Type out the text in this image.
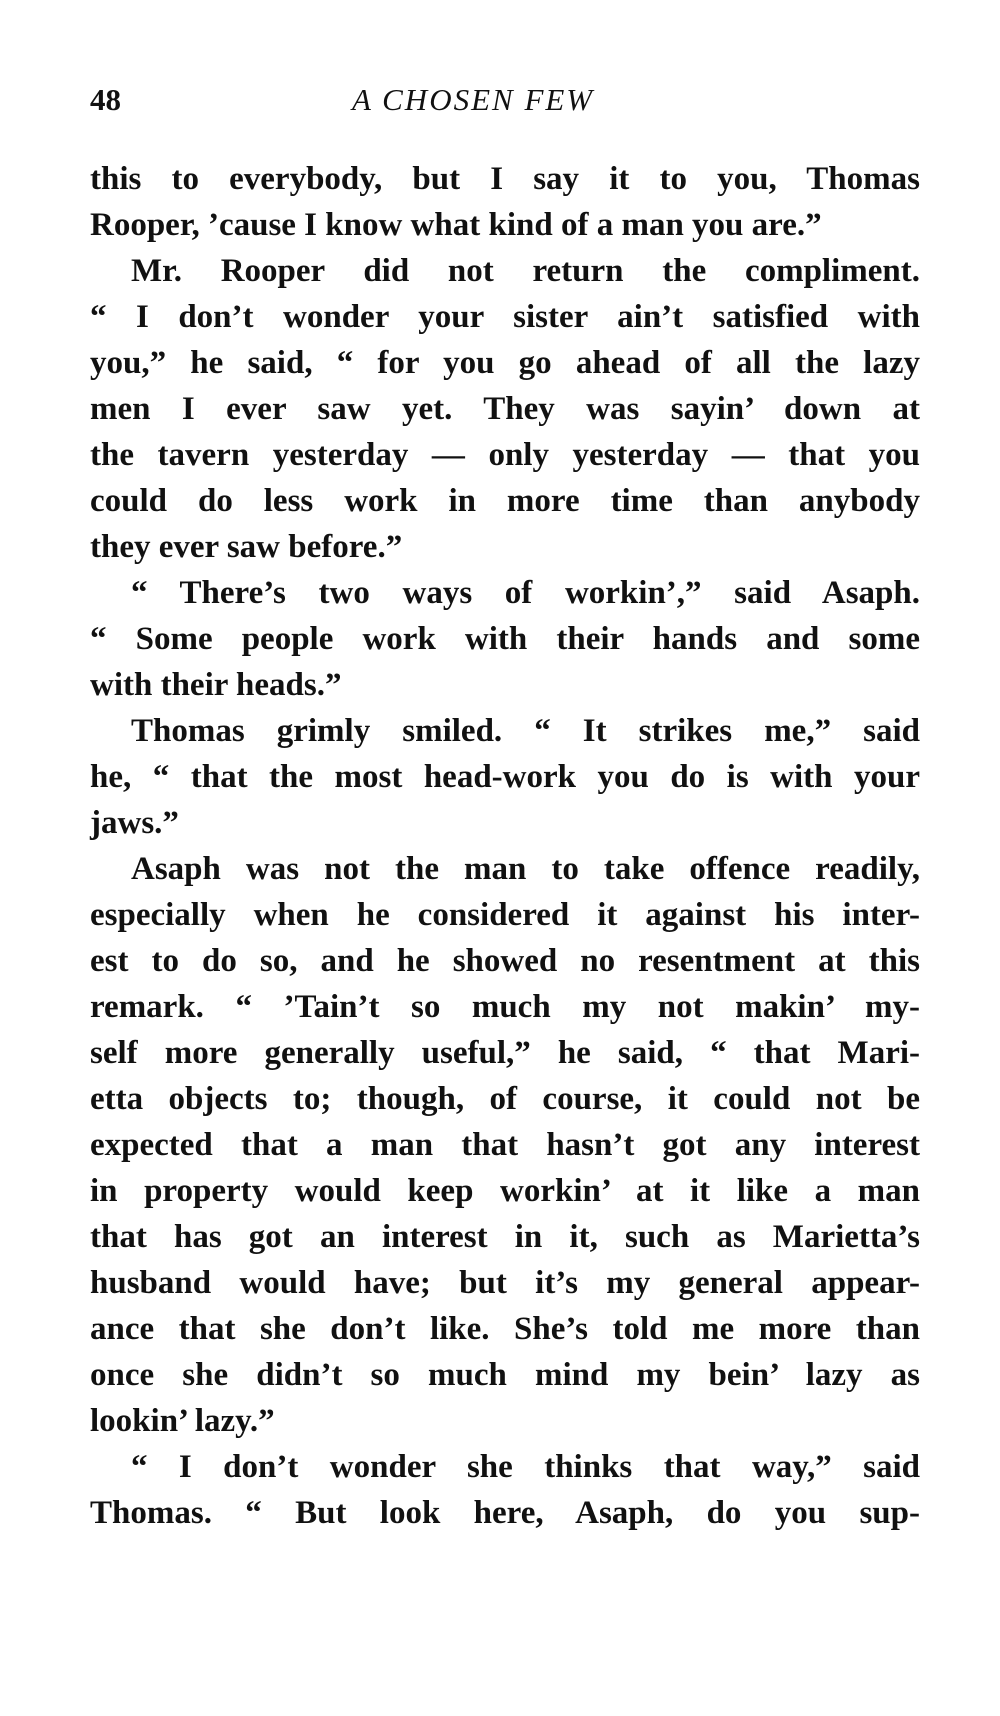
48	A CHOSEN FEW
this to everybody, but I say it to you, Thomas
Rooper, ’cause I know what kind of a man you are.”
Mr. Rooper did not return the compliment.
“ I don’t wonder your sister ain’t satisfied with
you,” he said, “ for you go ahead of all the lazy
men I ever saw yet. They was sayin’ down at
the tavern yesterday — only yesterday — that you
could do less work in more time than anybody
they ever saw before.”
“ There’s two ways of workin’,” said Asaph.
“ Some people work with their hands and some
with their heads.”
Thomas grimly smiled. “ It strikes me,” said
he, “ that the most head-work you do is with your
jaws.”
Asaph was not the man to take offence readily,
especially when he considered it against his inter-
est to do so, and he showed no resentment at this
remark. “ ’Tain’t so much my not makin’ my-
self more generally useful,” he said, “ that Mari-
etta objects to; though, of course, it could not be
expected that a man that hasn’t got any interest
in property would keep workin’ at it like a man
that has got an interest in it, such as Marietta’s
husband would have; but it’s my general appear-
ance that she don’t like. She’s told me more than
once she didn’t so much mind my bein’ lazy as
lookin’ lazy.”
“ I don’t wonder she thinks that way,” said
Thomas. “ But look here, Asaph, do you sup-
